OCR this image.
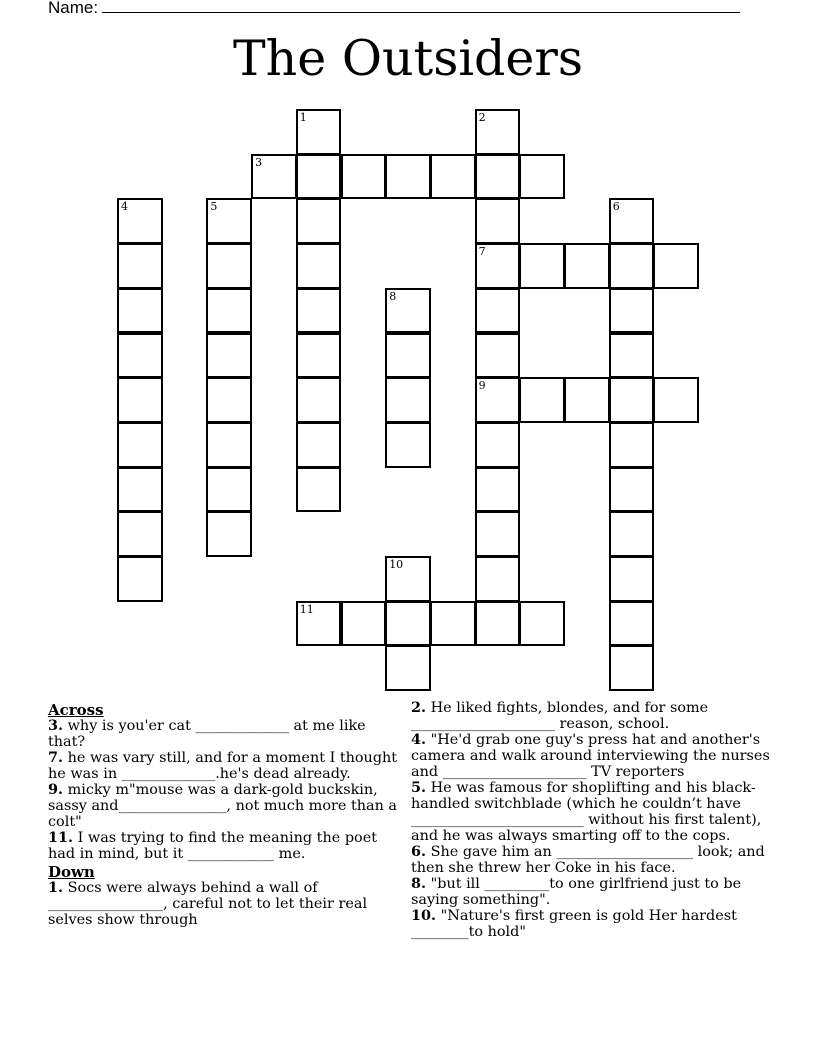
Name:
The Outsiders
1	2
7
9
3
4	5	6
8
10
11
Across
3. why is you'er cat _____________ at me like that?
7. he was vary still, and for a moment I thought he was in _____________.he's dead already.
9. micky m"mouse was a dark-gold buckskin, sassy and_______________, not much more than a colt"
11. I was trying to find the meaning the poet had in mind, but it ____________ me.
Down
1. Socs were always behind a wall of ________________, careful not to let their real selves show through
2. He liked fights, blondes, and for some ____________________ reason, school.
4. "He'd grab one guy's press hat and another's camera and walk around interviewing the nurses and ____________________ TV reporters
5. He was famous for shoplifting and his black-handled switchblade (which he couldn’t have ________________________ without his first talent), and he was always smarting off to the cops.
6. She gave him an ___________________ look; and then she threw her Coke in his face.
8. "but ill _________to one girlfriend just to be saying something".
10. "Nature's first green is gold Her hardest ________to hold"
